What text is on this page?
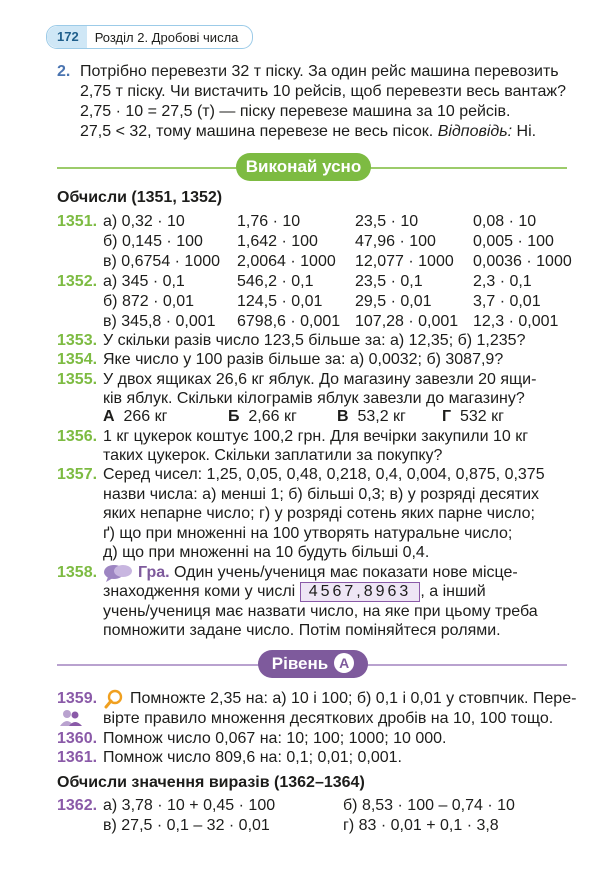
172	Розділ 2. Дробові числа
2. Потрібно перевезти 32 т піску. За один рейс машина перевозить
2,75 т піску. Чи вистачить 10 рейсів, щоб перевезти весь вантаж?
2,75 · 10 = 27,5 (т) — піску перевезе машина за 10 рейсів.
27,5 < 32, тому машина перевезе не весь пісок. Відповідь: Ні.
Виконай усно
Обчисли (1351, 1352)
1351. а) 0,32 · 10	1,76 · 10	23,5 · 10	0,08 · 10
б) 0,145 · 100 1,642 · 100 47,96 · 100 0,005 · 100
в) 0,6754 · 1000 2,0064 · 1000 12,077 · 1000 0,0036 · 1000
1352. а) 345 · 0,1	546,2 · 0,1	23,5 · 0,1	2,3 · 0,1
б) 872 · 0,01	124,5 · 0,01 29,5 · 0,01	3,7 · 0,01
в) 345,8 · 0,001 6798,6 · 0,001 107,28 · 0,001 12,3 · 0,001
1353. У скільки разів число 123,5 більше за: а) 12,35; б) 1,235?
1354. Яке число у 100 разів більше за: а) 0,0032; б) 3087,9?
1355. У двох ящиках 26,6 кг яблук. До магазину завезли 20 ящи-
ків яблук. Скільки кілограмів яблук завезли до магазину?
А 266 кг	Б 2,66 кг	В 53,2 кг Г 532 кг
1356. 1 кг цукерок коштує 100,2 грн. Для вечірки закупили 10 кг
таких цукерок. Скільки заплатили за покупку?
1357. Серед чисел: 1,25, 0,05, 0,48, 0,218, 0,4, 0,004, 0,875, 0,375
назви числа: а) менші 1; б) більші 0,3; в) у розряді десятих
яких непарне число; г) у розряді сотень яких парне число;
ґ) що при множенні на 100 утворять натуральне число;
д) що при множенні на 10 будуть більші 0,4.
1358.	Гра. Один учень/учениця має показати нове місце-
знаходження коми у числі 4567,8963 , а інший
учень/учениця має назвати число, на яке при цьому треба
помножити задане число. Потім поміняйтеся ролями.
Рівень А
1359. Помножте 2,35 на: а) 10 і 100; б) 0,1 і 0,01 у стовпчик. Пере-
вірте правило множення десяткових дробів на 10, 100 тощо.
1360. Помнож число 0,067 на: 10; 100; 1000; 10 000.
1361. Помнож число 809,6 на: 0,1; 0,01; 0,001.
Обчисли значення виразів (1362–1364)
1362. а) 3,78 · 10 + 0,45 · 100	б) 8,53 · 100 – 0,74 · 10
в) 27,5 · 0,1 – 32 · 0,01	г) 83 · 0,01 + 0,1 · 3,8
